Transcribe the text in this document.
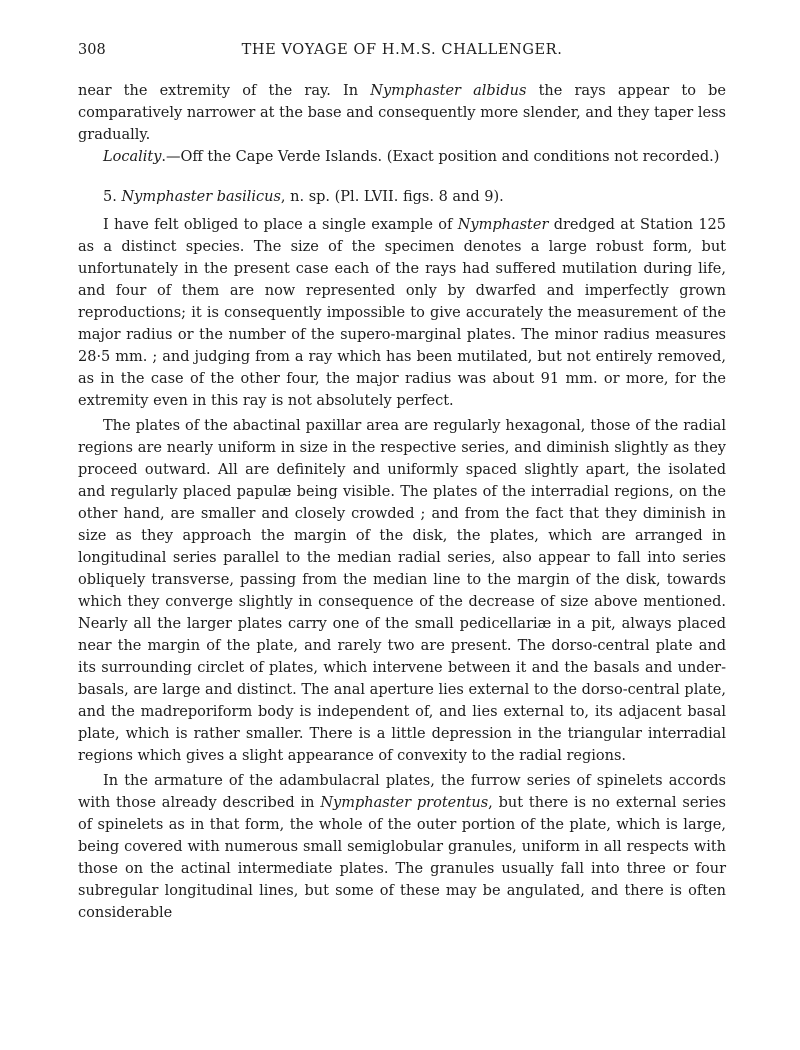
308	THE VOYAGE OF H.M.S. CHALLENGER.

near the extremity of the ray. In Nymphaster albidus the rays appear to be comparatively narrower at the base and consequently more slender, and they taper less gradually.

Locality.—Off the Cape Verde Islands. (Exact position and conditions not recorded.)

5. Nymphaster basilicus, n. sp. (Pl. LVII. figs. 8 and 9).

I have felt obliged to place a single example of Nymphaster dredged at Station 125 as a distinct species. The size of the specimen denotes a large robust form, but unfortunately in the present case each of the rays had suffered mutilation during life, and four of them are now represented only by dwarfed and imperfectly grown reproductions; it is consequently impossible to give accurately the measurement of the major radius or the number of the supero-marginal plates. The minor radius measures 28·5 mm. ; and judging from a ray which has been mutilated, but not entirely removed, as in the case of the other four, the major radius was about 91 mm. or more, for the extremity even in this ray is not absolutely perfect.

The plates of the abactinal paxillar area are regularly hexagonal, those of the radial regions are nearly uniform in size in the respective series, and diminish slightly as they proceed outward. All are definitely and uniformly spaced slightly apart, the isolated and regularly placed papulæ being visible. The plates of the interradial regions, on the other hand, are smaller and closely crowded ; and from the fact that they diminish in size as they approach the margin of the disk, the plates, which are arranged in longitudinal series parallel to the median radial series, also appear to fall into series obliquely transverse, passing from the median line to the margin of the disk, towards which they converge slightly in consequence of the decrease of size above mentioned. Nearly all the larger plates carry one of the small pedicellariæ in a pit, always placed near the margin of the plate, and rarely two are present. The dorso-central plate and its surrounding circlet of plates, which intervene between it and the basals and under-basals, are large and distinct. The anal aperture lies external to the dorso-central plate, and the madreporiform body is independent of, and lies external to, its adjacent basal plate, which is rather smaller. There is a little depression in the triangular interradial regions which gives a slight appearance of convexity to the radial regions.

In the armature of the adambulacral plates, the furrow series of spinelets accords with those already described in Nymphaster protentus, but there is no external series of spinelets as in that form, the whole of the outer portion of the plate, which is large, being covered with numerous small semiglobular granules, uniform in all respects with those on the actinal intermediate plates. The granules usually fall into three or four subregular longitudinal lines, but some of these may be angulated, and there is often considerable
